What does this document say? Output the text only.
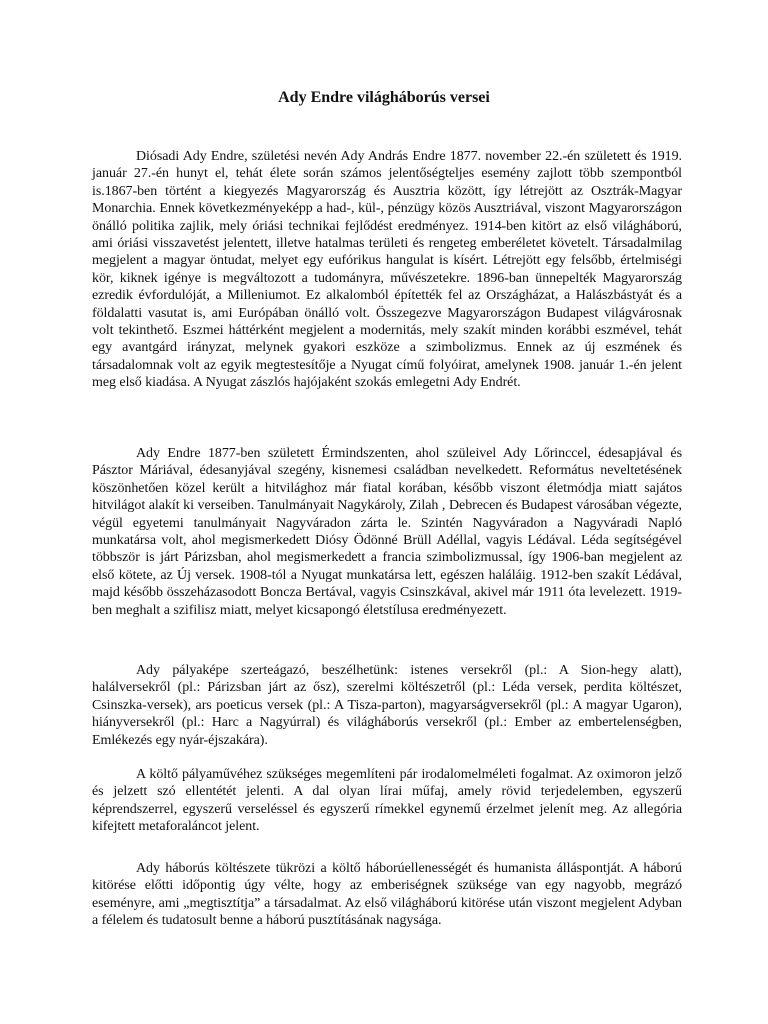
Ady Endre világháborús versei

Diósadi Ady Endre, születési nevén Ady András Endre 1877. november 22.-én született és 1919. január 27.-én hunyt el, tehát élete során számos jelentőségteljes esemény zajlott több szempontból is.1867-ben történt a kiegyezés Magyarország és Ausztria között, így létrejött az Osztrák-Magyar Monarchia. Ennek következményeképp a had-, kül-, pénzügy közös Ausztriával, viszont Magyarországon önálló politika zajlik, mely óriási technikai fejlődést eredményez. 1914-ben kitört az első világháború, ami óriási visszavetést jelentett, illetve hatalmas területi és rengeteg emberéletet követelt. Társadalmilag megjelent a magyar öntudat, melyet egy eufórikus hangulat is kísért. Létrejött egy felsőbb, értelmiségi kör, kiknek igénye is megváltozott a tudományra, művészetekre. 1896-ban ünnepelték Magyarország ezredik évfordulóját, a Milleniumot. Ez alkalomból építették fel az Országházat, a Halászbástyát és a földalatti vasutat is, ami Európában önálló volt. Összegezve Magyarországon Budapest világvárosnak volt tekinthető. Eszmei háttérként megjelent a modernitás, mely szakít minden korábbi eszmével, tehát egy avantgárd irányzat, melynek gyakori eszköze a szimbolizmus. Ennek az új eszmének és társadalomnak volt az egyik megtestesítője a Nyugat című folyóirat, amelynek 1908. január 1.-én jelent meg első kiadása. A Nyugat zászlós hajójaként szokás emlegetni Ady Endrét.

Ady Endre 1877-ben született Érmindszenten, ahol szüleivel Ady Lőrinccel, édesapjával és Pásztor Máriával, édesanyjával szegény, kisnemesi családban nevelkedett. Református neveltetésének köszönhetően közel került a hitvilághoz már fiatal korában, később viszont életmódja miatt sajátos hitvilágot alakít ki verseiben. Tanulmányait Nagykároly, Zilah , Debrecen és Budapest városában végezte, végül egyetemi tanulmányait Nagyváradon zárta le. Szintén Nagyváradon a Nagyváradi Napló munkatársa volt, ahol megismerkedett Diósy Ödönné Brüll Adéllal, vagyis Lédával. Léda segítségével többször is járt Párizsban, ahol megismerkedett a francia szimbolizmussal, így 1906-ban megjelent az első kötete, az Új versek. 1908-tól a Nyugat munkatársa lett, egészen haláláig. 1912-ben szakít Lédával, majd később összeházasodott Boncza Bertával, vagyis Csinszkával, akivel már 1911 óta levelezett. 1919-ben meghalt a szifilisz miatt, melyet kicsapongó életstílusa eredményezett.

Ady pályaképe szerteágazó, beszélhetünk: istenes versekről (pl.: A Sion-hegy alatt), halálversekről (pl.: Párizsban járt az ősz), szerelmi költészetről (pl.: Léda versek, perdita költészet, Csinszka-versek), ars poeticus versek (pl.: A Tisza-parton), magyarságversekről (pl.: A magyar Ugaron), hiányversekről (pl.: Harc a Nagyúrral) és világháborús versekről (pl.: Ember az embertelenségben, Emlékezés egy nyár-éjszakára).

A költő pályaművéhez szükséges megemlíteni pár irodalomelméleti fogalmat. Az oximoron jelző és jelzett szó ellentétét jelenti. A dal olyan lírai műfaj, amely rövid terjedelemben, egyszerű képrendszerrel, egyszerű verseléssel és egyszerű rímekkel egynemű érzelmet jelenít meg. Az allegória kifejtett metaforaláncot jelent.

Ady háborús költészete tükrözi a költő háborúellenességét és humanista álláspontját. A háború kitörése előtti időpontig úgy vélte, hogy az emberiségnek szüksége van egy nagyobb, megrázó eseményre, ami „megtisztítja” a társadalmat. Az első világháború kitörése után viszont megjelent Adyban a félelem és tudatosult benne a háború pusztításának nagysága.
